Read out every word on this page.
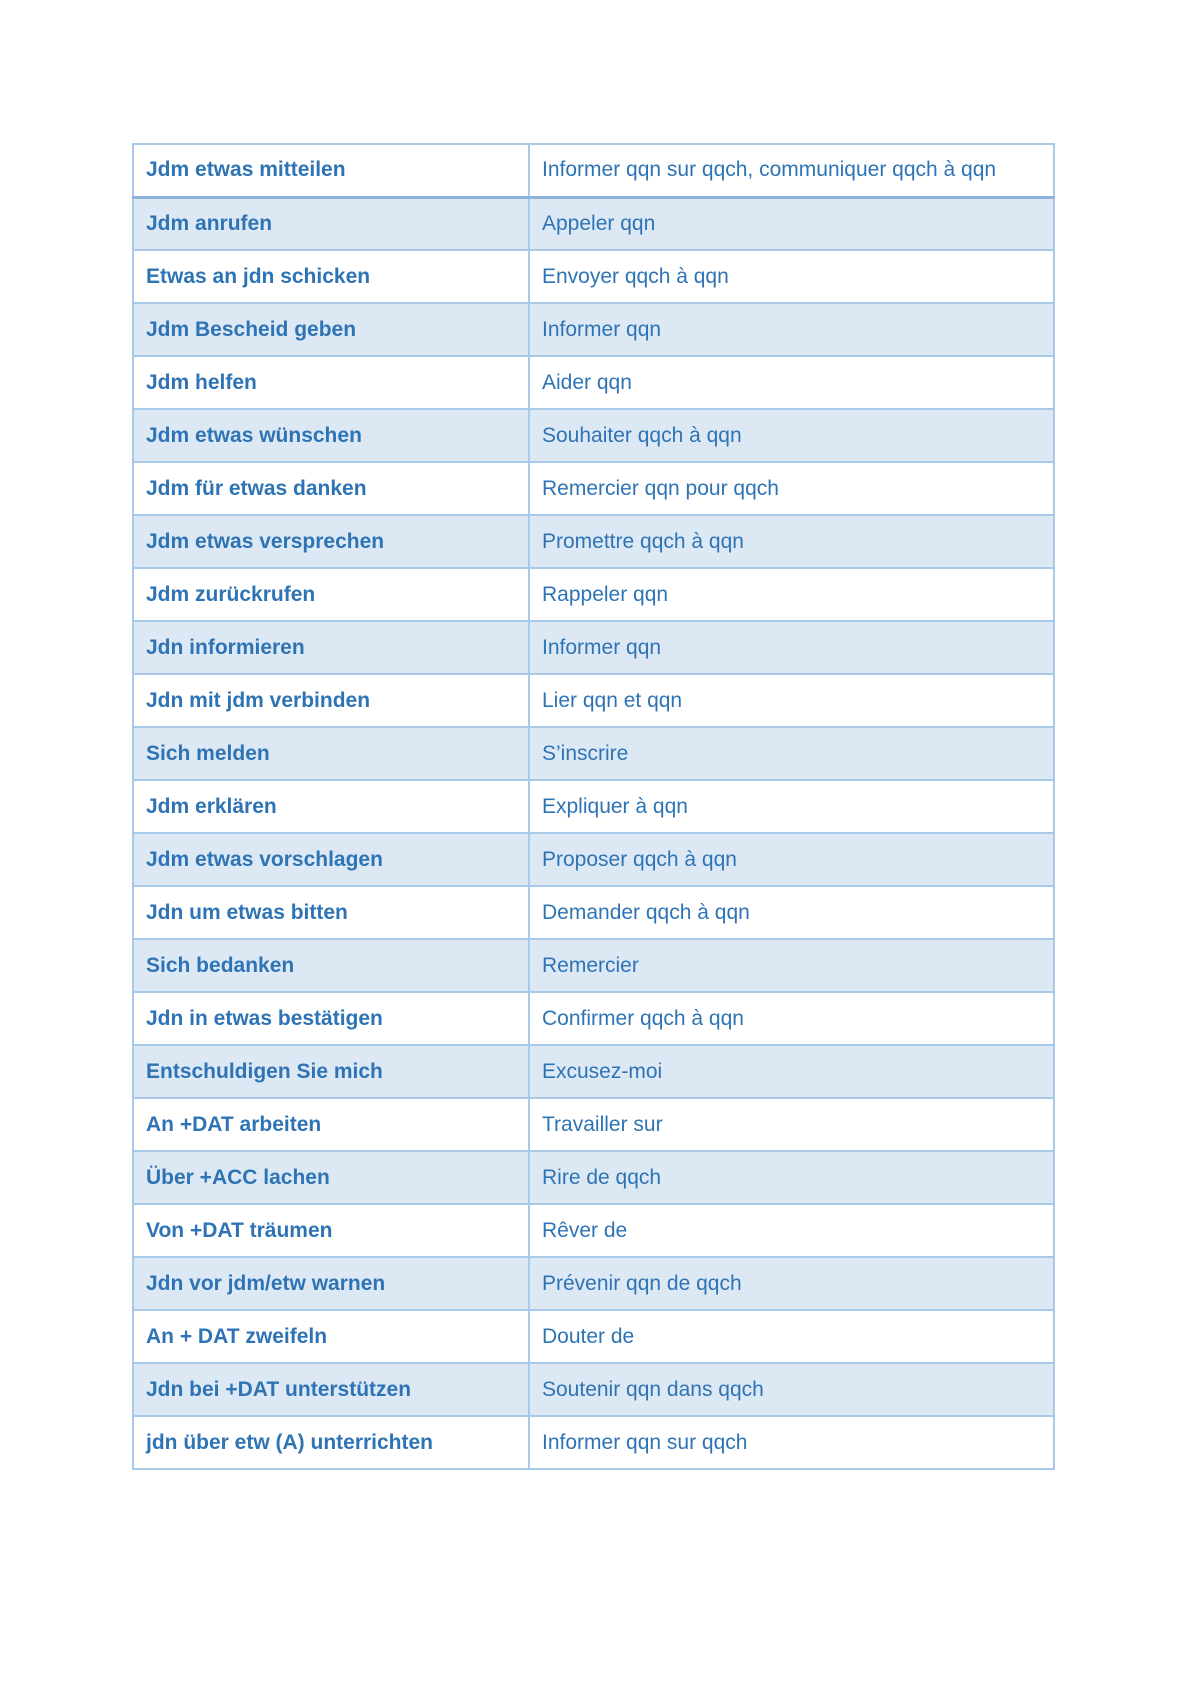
Jdm etwas mitteilen	Informer qqn sur qqch, communiquer qqch à qqn
Jdm anrufen	Appeler qqn
Etwas an jdn schicken	Envoyer qqch à qqn
Jdm Bescheid geben	Informer qqn
Jdm helfen	Aider qqn
Jdm etwas wünschen	Souhaiter qqch à qqn
Jdm für etwas danken	Remercier qqn pour qqch
Jdm etwas versprechen	Promettre qqch à qqn
Jdm zurückrufen	Rappeler qqn
Jdn informieren	Informer qqn
Jdn mit jdm verbinden	Lier qqn et qqn
Sich melden	S’inscrire
Jdm erklären	Expliquer à qqn
Jdm etwas vorschlagen	Proposer qqch à qqn
Jdn um etwas bitten	Demander qqch à qqn
Sich bedanken	Remercier
Jdn in etwas bestätigen	Confirmer qqch à qqn
Entschuldigen Sie mich	Excusez-moi
An +DAT arbeiten	Travailler sur
Über +ACC lachen	Rire de qqch
Von +DAT träumen	Rêver de
Jdn vor jdm/etw warnen	Prévenir qqn de qqch
An + DAT zweifeln	Douter de
Jdn bei +DAT unterstützen	Soutenir qqn dans qqch
jdn über etw (A) unterrichten	Informer qqn sur qqch
